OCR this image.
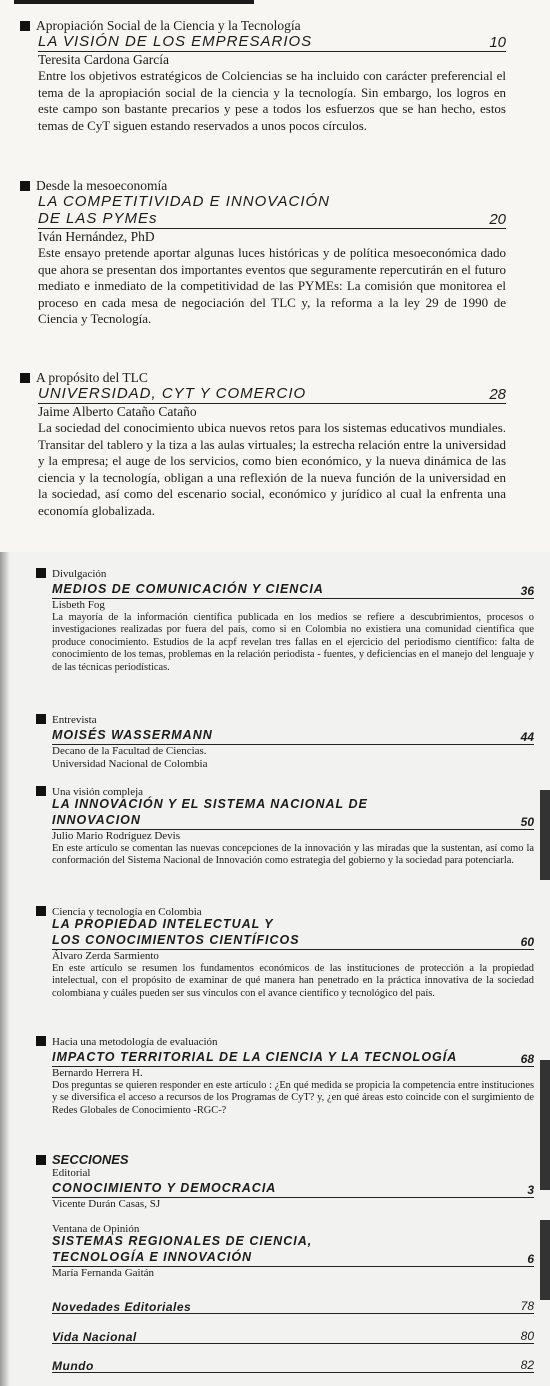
Apropiación Social de la Ciencia y la Tecnología
LA VISIÓN DE LOS EMPRESARIOS	10
Teresita Cardona García

Entre los objetivos estratégicos de Colciencias se ha incluido con carácter preferencial el tema de la apropiación social de la ciencia y la tecnología. Sin embargo, los logros en este campo son bastante precarios y pese a todos los esfuerzos que se han hecho, estos temas de CyT siguen estando reservados a unos pocos círculos.

Desde la mesoeconomía
LA COMPETITIVIDAD E INNOVACIÓN
DE LAS PYMEs	20
Iván Hernández, PhD

Este ensayo pretende aportar algunas luces históricas y de política mesoeconómica dado que ahora se presentan dos importantes eventos que seguramente repercutirán en el futuro mediato e inmediato de la competitividad de las PYMEs: La comisión que monitorea el proceso en cada mesa de negociación del TLC y, la reforma a la ley 29 de 1990 de Ciencia y Tecnología.

A propósito del TLC
UNIVERSIDAD, CYT Y COMERCIO	28
Jaime Alberto Cataño Cataño

La sociedad del conocimiento ubica nuevos retos para los sistemas educativos mundiales. Transitar del tablero y la tiza a las aulas virtuales; la estrecha relación entre la universidad y la empresa; el auge de los servicios, como bien económico, y la nueva dinámica de las ciencia y la tecnología, obligan a una reflexión de la nueva función de la universidad en la sociedad, así como del escenario social, económico y jurídico al cual la enfrenta una economía globalizada.

Divulgación
MEDIOS DE COMUNICACIÓN Y CIENCIA	36
Lisbeth Fog

La mayoría de la información científica publicada en los medios se refiere a descubrimientos, procesos o investigaciones realizadas por fuera del país, como si en Colombia no existiera una comunidad científica que produce conocimiento. Estudios de la acpf revelan tres fallas en el ejercicio del periodismo científico: falta de conocimiento de los temas, problemas en la relación periodista - fuentes, y deficiencias en el manejo del lenguaje y de las técnicas periodísticas.

Entrevista
MOISÉS WASSERMANN	44
Decano de la Facultad de Ciencias.
Universidad Nacional de Colombia
Una visión compleja
LA INNOVACIÓN Y EL SISTEMA NACIONAL DE
INNOVACION	50
Julio Mario Rodríguez Devis

En este artículo se comentan las nuevas concepciones de la innovación y las miradas que la sustentan, así como la conformación del Sistema Nacional de Innovación como estrategia del gobierno y la sociedad para potenciarla.

Ciencia y tecnología en Colombia
LA PROPIEDAD INTELECTUAL Y
LOS CONOCIMIENTOS CIENTÍFICOS	60
Álvaro Zerda Sarmiento

En este artículo se resumen los fundamentos económicos de las instituciones de protección a la propiedad intelectual, con el propósito de examinar de qué manera han penetrado en la práctica innovativa de la sociedad colombiana y cuáles pueden ser sus vínculos con el avance científico y tecnológico del país.

Hacia una metodología de evaluación
IMPACTO TERRITORIAL DE LA CIENCIA Y LA TECNOLOGÍA	68
Bernardo Herrera H.

Dos preguntas se quieren responder en este artículo : ¿En qué medida se propicia la competencia entre instituciones y se diversifica el acceso a recursos de los Programas de CyT? y, ¿en qué áreas esto coincide con el surgimiento de Redes Globales de Conocimiento -RGC-?

SECCIONES
Editorial
CONOCIMIENTO Y DEMOCRACIA	3
Vicente Durán Casas, SJ
Ventana de Opinión
SISTEMAS REGIONALES DE CIENCIA,
TECNOLOGÍA E INNOVACIÓN	6
María Fernanda Gaitán
Novedades Editoriales	78
Vida Nacional	80
Mundo	82
